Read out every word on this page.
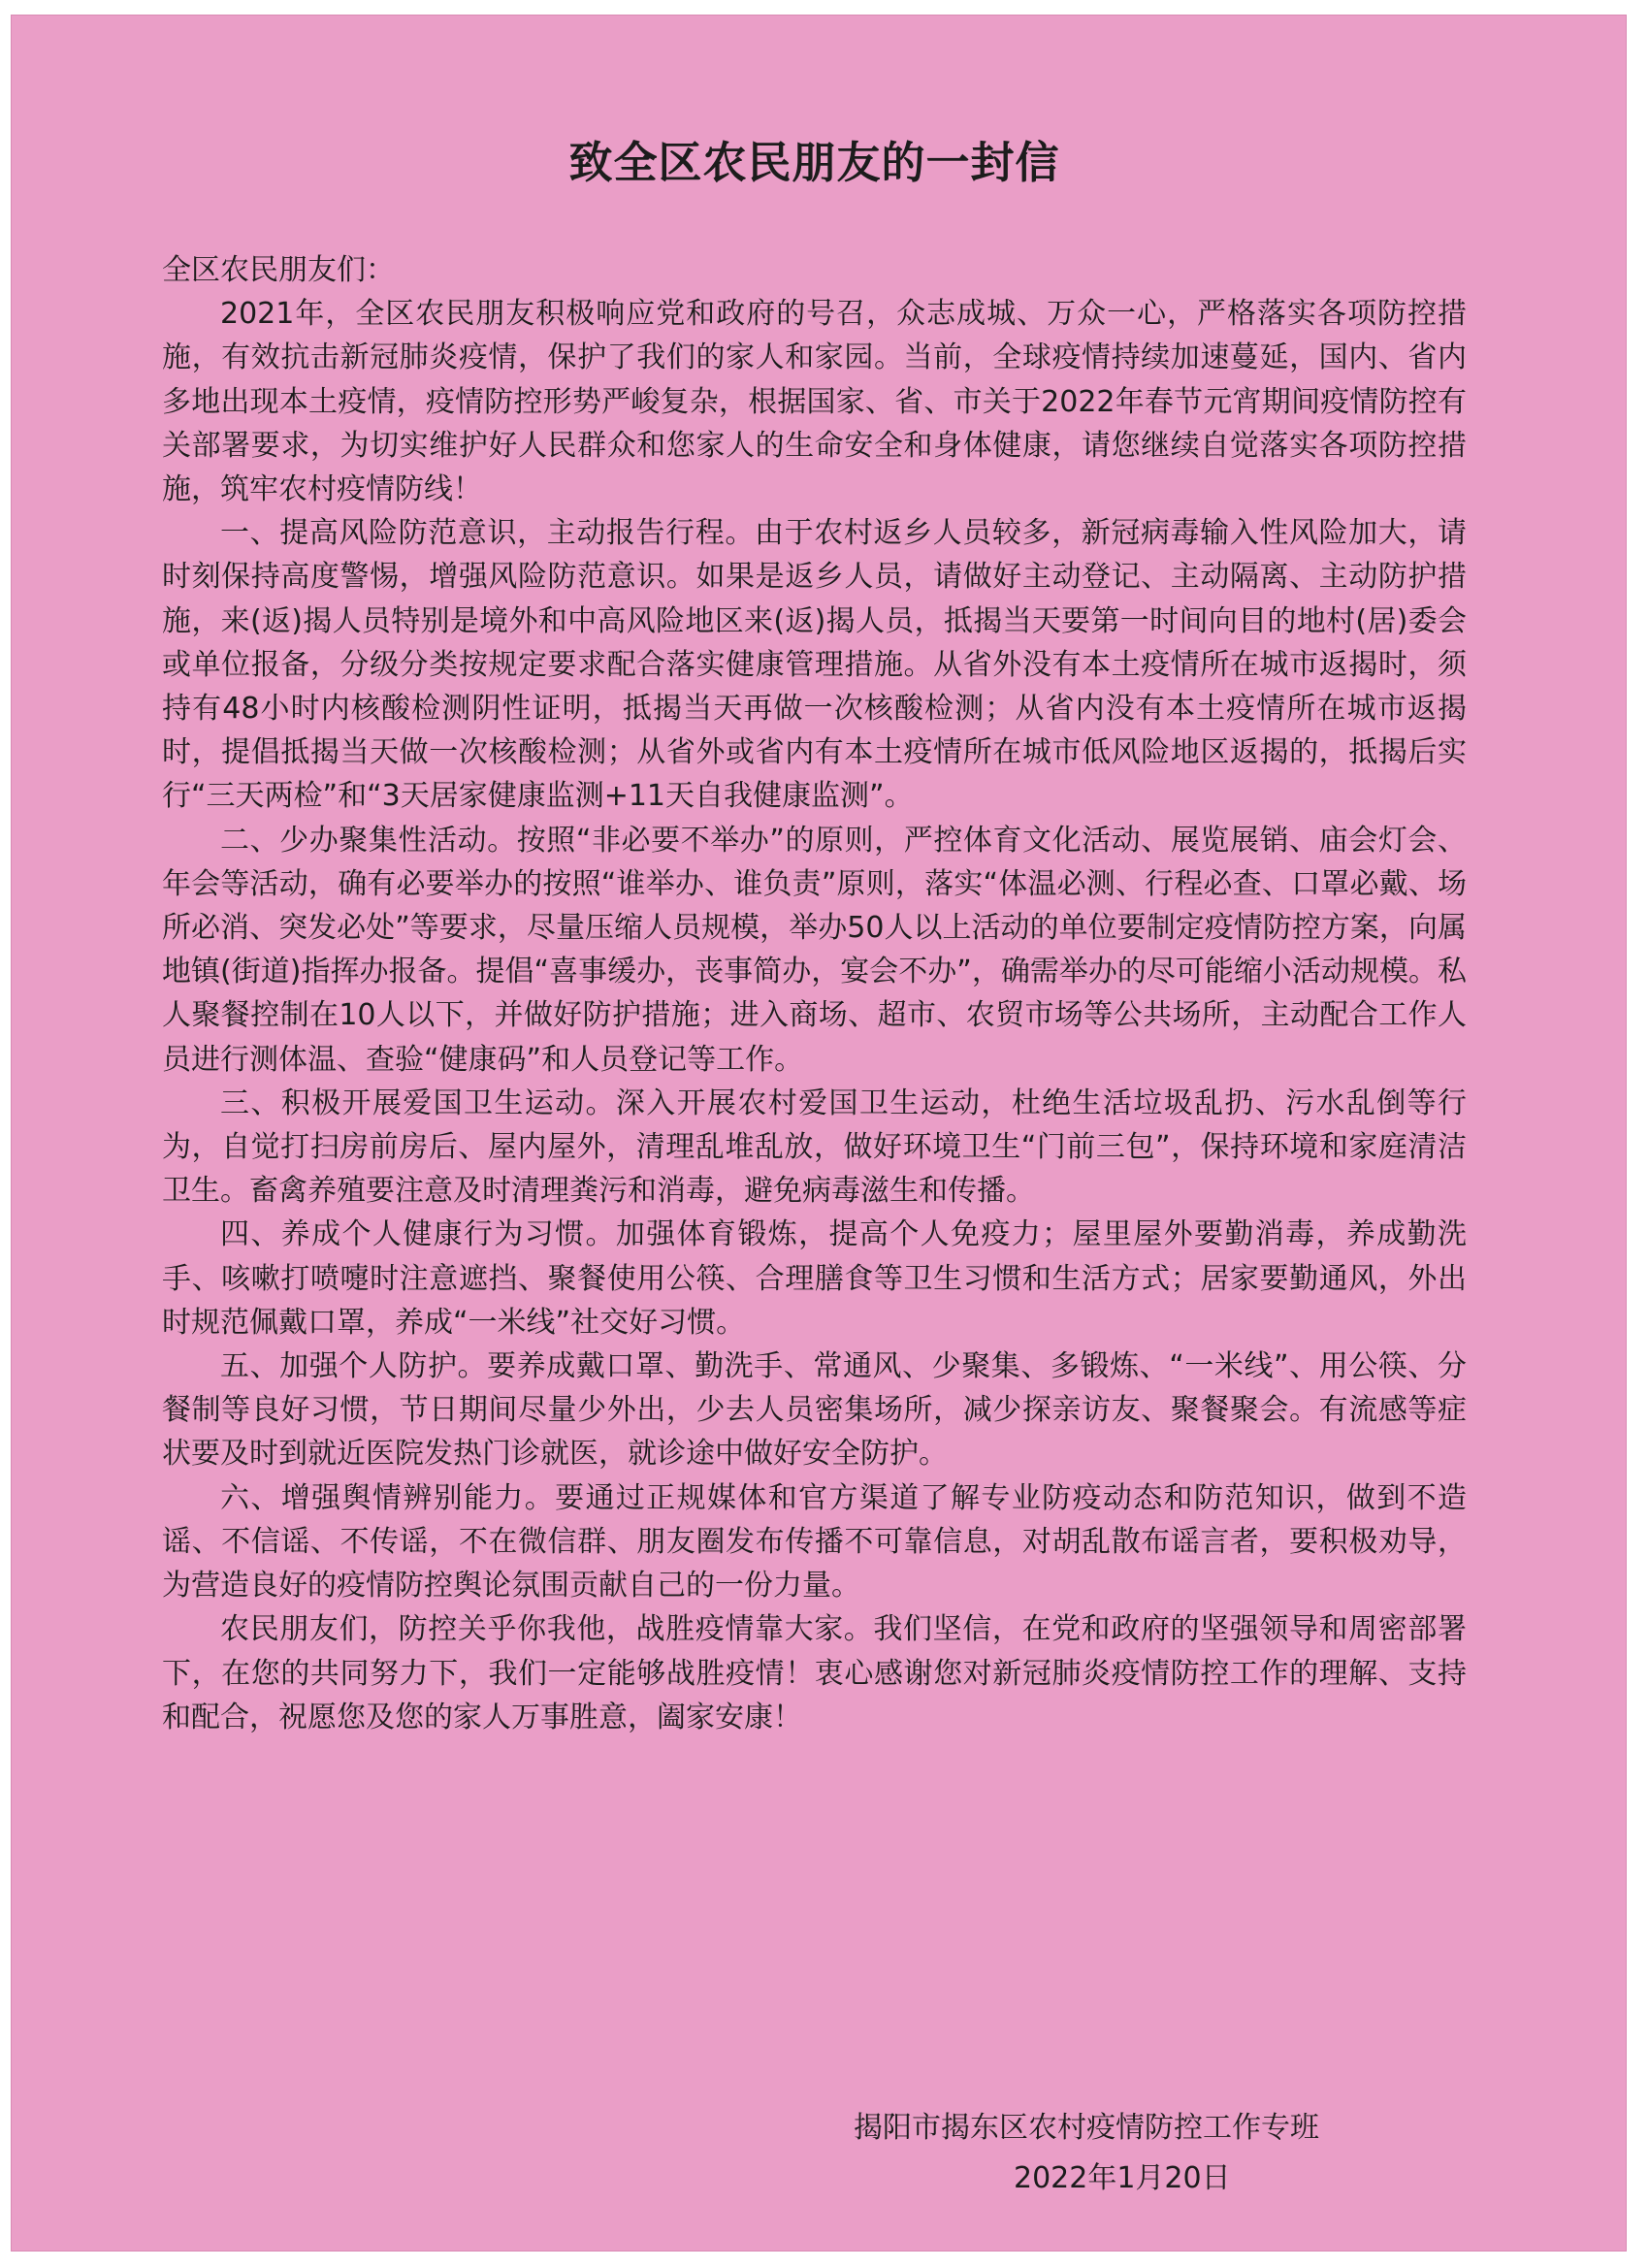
致全区农民朋友的一封信

全区农民朋友们：

2021年，全区农民朋友积极响应党和政府的号召，众志成城、万众一心，严格落实各项防控措施，有效抗击新冠肺炎疫情，保护了我们的家人和家园。当前，全球疫情持续加速蔓延，国内、省内多地出现本土疫情，疫情防控形势严峻复杂，根据国家、省、市关于2022年春节元宵期间疫情防控有关部署要求，为切实维护好人民群众和您家人的生命安全和身体健康，请您继续自觉落实各项防控措施，筑牢农村疫情防线！

一、提高风险防范意识，主动报告行程。由于农村返乡人员较多，新冠病毒输入性风险加大，请时刻保持高度警惕，增强风险防范意识。如果是返乡人员，请做好主动登记、主动隔离、主动防护措施，来(返)揭人员特别是境外和中高风险地区来(返)揭人员，抵揭当天要第一时间向目的地村(居)委会或单位报备，分级分类按规定要求配合落实健康管理措施。从省外没有本土疫情所在城市返揭时，须持有48小时内核酸检测阴性证明，抵揭当天再做一次核酸检测；从省内没有本土疫情所在城市返揭时，提倡抵揭当天做一次核酸检测；从省外或省内有本土疫情所在城市低风险地区返揭的，抵揭后实行“三天两检”和“3天居家健康监测+11天自我健康监测”。

二、少办聚集性活动。按照“非必要不举办”的原则，严控体育文化活动、展览展销、庙会灯会、年会等活动，确有必要举办的按照“谁举办、谁负责”原则，落实“体温必测、行程必查、口罩必戴、场所必消、突发必处”等要求，尽量压缩人员规模，举办50人以上活动的单位要制定疫情防控方案，向属地镇(街道)指挥办报备。提倡“喜事缓办，丧事简办，宴会不办”，确需举办的尽可能缩小活动规模。私人聚餐控制在10人以下，并做好防护措施；进入商场、超市、农贸市场等公共场所，主动配合工作人员进行测体温、查验“健康码”和人员登记等工作。

三、积极开展爱国卫生运动。深入开展农村爱国卫生运动，杜绝生活垃圾乱扔、污水乱倒等行为，自觉打扫房前房后、屋内屋外，清理乱堆乱放，做好环境卫生“门前三包”，保持环境和家庭清洁卫生。畜禽养殖要注意及时清理粪污和消毒，避免病毒滋生和传播。

四、养成个人健康行为习惯。加强体育锻炼，提高个人免疫力；屋里屋外要勤消毒，养成勤洗手、咳嗽打喷嚏时注意遮挡、聚餐使用公筷、合理膳食等卫生习惯和生活方式；居家要勤通风，外出时规范佩戴口罩，养成“一米线”社交好习惯。

五、加强个人防护。要养成戴口罩、勤洗手、常通风、少聚集、多锻炼、“一米线”、用公筷、分餐制等良好习惯，节日期间尽量少外出，少去人员密集场所，减少探亲访友、聚餐聚会。有流感等症状要及时到就近医院发热门诊就医，就诊途中做好安全防护。

六、增强舆情辨别能力。要通过正规媒体和官方渠道了解专业防疫动态和防范知识，做到不造谣、不信谣、不传谣，不在微信群、朋友圈发布传播不可靠信息，对胡乱散布谣言者，要积极劝导，为营造良好的疫情防控舆论氛围贡献自己的一份力量。

农民朋友们，防控关乎你我他，战胜疫情靠大家。我们坚信，在党和政府的坚强领导和周密部署下，在您的共同努力下，我们一定能够战胜疫情！衷心感谢您对新冠肺炎疫情防控工作的理解、支持和配合，祝愿您及您的家人万事胜意，阖家安康！

揭阳市揭东区农村疫情防控工作专班
2022年1月20日
